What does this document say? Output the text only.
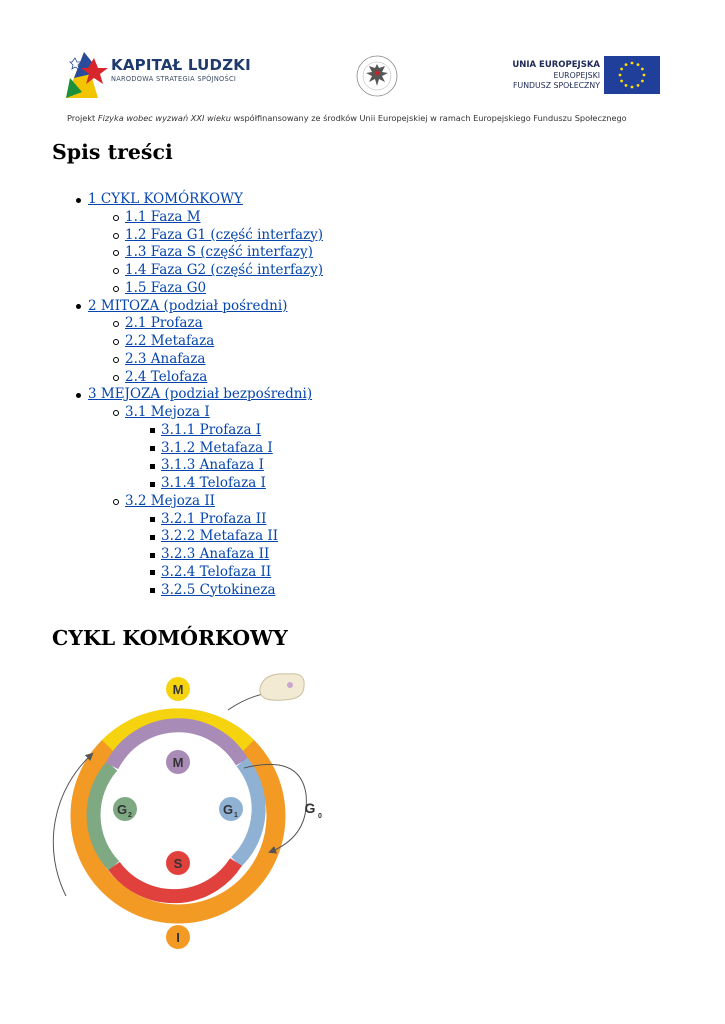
KAPITAŁ LUDZKI
NARODOWA STRATEGIA SPÓJNOŚCI
UNIA EUROPEJSKA
EUROPEJSKI
FUNDUSZ SPOŁECZNY
Projekt Fizyka wobec wyzwań XXI wieku współfinansowany ze środków Unii Europejskiej w ramach Europejskiego Funduszu Społecznego
Spis treści
1 CYKL KOMÓRKOWY
1.1 Faza M
1.2 Faza G1 (część interfazy)
1.3 Faza S (część interfazy)
1.4 Faza G2 (część interfazy)
1.5 Faza G0
2 MITOZA (podział pośredni)
2.1 Profaza
2.2 Metafaza
2.3 Anafaza
2.4 Telofaza
3 MEJOZA (podział bezpośredni)
3.1 Mejoza I
3.1.1 Profaza I
3.1.2 Metafaza I
3.1.3 Anafaza I
3.1.4 Telofaza I
3.2 Mejoza II
3.2.1 Profaza II
3.2.2 Metafaza II
3.2.3 Anafaza II
3.2.4 Telofaza II
3.2.5 Cytokineza
CYKL KOMÓRKOWY
M
I
M
G 2	G 1
S
G
0
